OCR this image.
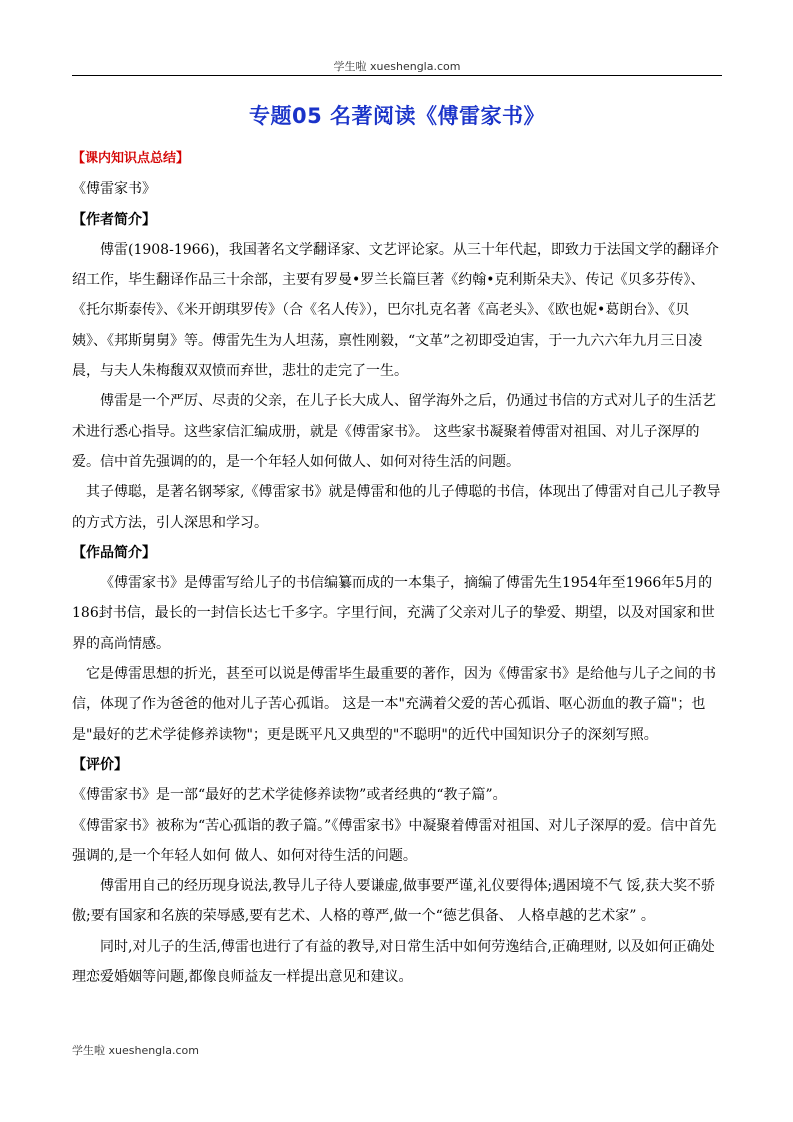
学生啦 xueshengla.com
专题05 名著阅读《傅雷家书》

【课内知识点总结】

《傅雷家书》

【作者简介】

傅雷(1908-1966)，我国著名文学翻译家、文艺评论家。从三十年代起，即致力于法国文学的翻译介绍工作，毕生翻译作品三十余部，主要有罗曼•罗兰长篇巨著《约翰•克利斯朵夫》、传记《贝多芬传》、《托尔斯泰传》、《米开朗琪罗传》（合《名人传》），巴尔扎克名著《高老头》、《欧也妮•葛朗台》、《贝姨》、《邦斯舅舅》等。傅雷先生为人坦荡，禀性刚毅，“文革”之初即受迫害，于一九六六年九月三日凌晨，与夫人朱梅馥双双愤而弃世，悲壮的走完了一生。

傅雷是一个严厉、尽责的父亲，在儿子长大成人、留学海外之后，仍通过书信的方式对儿子的生活艺术进行悉心指导。这些家信汇编成册，就是《傅雷家书》。 这些家书凝聚着傅雷对祖国、对儿子深厚的爱。信中首先强调的的，是一个年轻人如何做人、如何对待生活的问题。

其子傅聪，是著名钢琴家,《傅雷家书》就是傅雷和他的儿子傅聪的书信，体现出了傅雷对自己儿子教导的方式方法，引人深思和学习。

【作品简介】

《傅雷家书》是傅雷写给儿子的书信编纂而成的一本集子，摘编了傅雷先生1954年至1966年5月的186封书信，最长的一封信长达七千多字。字里行间，充满了父亲对儿子的挚爱、期望，以及对国家和世界的高尚情感。

它是傅雷思想的折光，甚至可以说是傅雷毕生最重要的著作，因为《傅雷家书》是给他与儿子之间的书信，体现了作为爸爸的他对儿子苦心孤诣。 这是一本"充满着父爱的苦心孤诣、呕心沥血的教子篇"；也是"最好的艺术学徒修养读物"；更是既平凡又典型的"不聪明"的近代中国知识分子的深刻写照。

【评价】

《傅雷家书》是一部“最好的艺术学徒修养读物”或者经典的“教子篇”。

《傅雷家书》被称为“苦心孤诣的教子篇。”《傅雷家书》中凝聚着傅雷对祖国、对儿子深厚的爱。信中首先强调的,是一个年轻人如何 做人、如何对待生活的问题。

傅雷用自己的经历现身说法,教导儿子待人要谦虚,做事要严谨,礼仪要得体;遇困境不气 馁,获大奖不骄傲;要有国家和名族的荣辱感,要有艺术、人格的尊严,做一个“德艺俱备、 人格卓越的艺术家” 。

同时,对儿子的生活,傅雷也进行了有益的教导,对日常生活中如何劳逸结合,正确理财, 以及如何正确处理恋爱婚姻等问题,都像良师益友一样提出意见和建议。

学生啦 xueshengla.com
